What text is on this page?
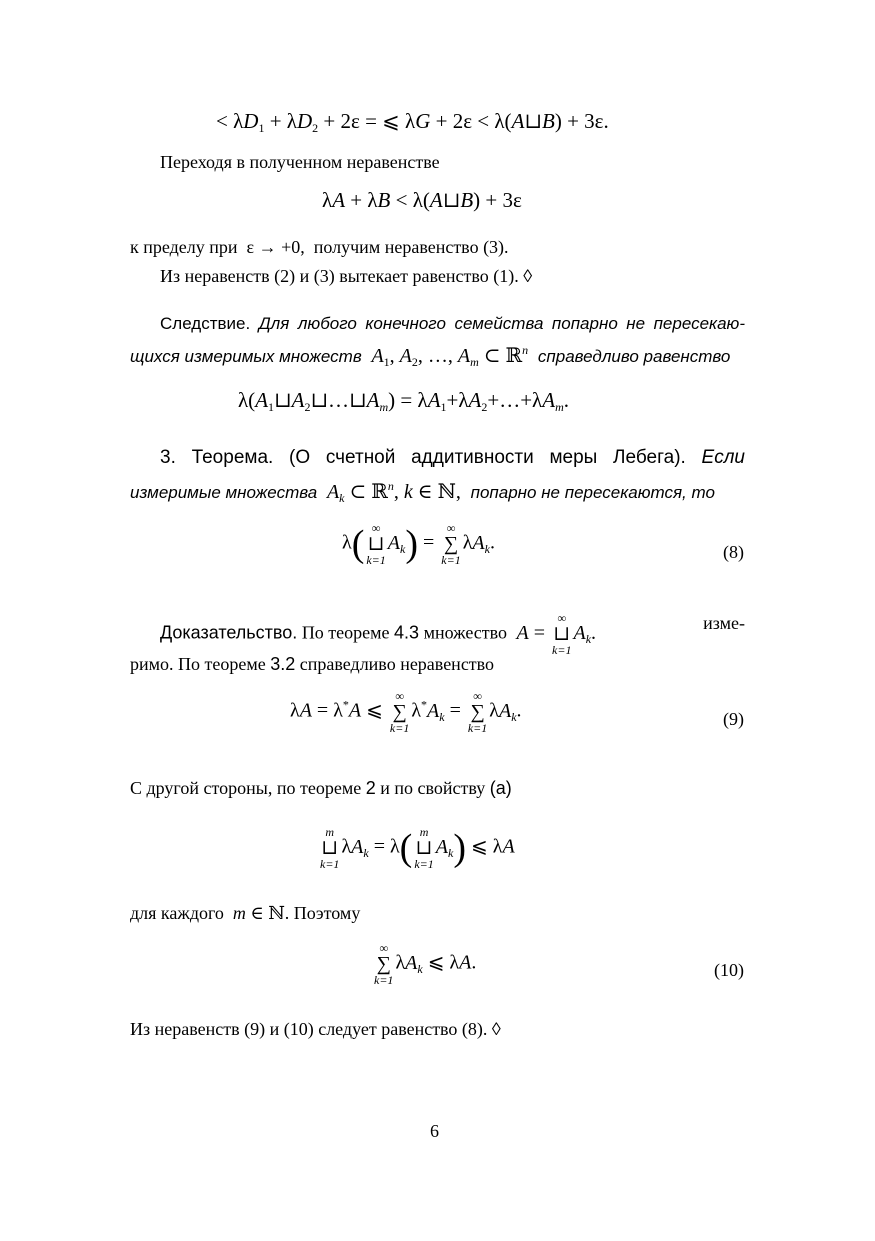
< $\lambda D_1 + \lambda D_2 + 2\varepsilon$ = ⩽ λG + 2ε < λ(A⊔B) + 3ε.
Переходя в полученном неравенстве
λA + λB < λ(A⊔B) + 3ε
к пределу при  ε → +0,  получим неравенство (3).
Из неравенств (2) и (3) вытекает равенство (1). ◊
Следствие. Для любого конечного семейства попарно не пересекаю-
щихся измеримых множеств $A_1$, $A_2$, …, $A_m$ ⊂ ℝ$^n$ справедливо равенство
$\lambda(A_1⊔A_2⊔\dots⊔A_m)$ = $\lambda A_1+\lambda A_2+\dots+\lambda A_m$.
3. Теорема. (О счетной аддитивности меры Лебега). Если
измеримые множества $A_k$ ⊂ ℝ$^n$, k ∈ ℕ,  попарно не пересекаются, то
λ( ∞
⊔
k=1
$A_k$) =
∞
∑
k=1
$\lambda A_k$.	(8)
Доказательство. По теореме 4.3 множество A =
∞
⊔
k=1
$A_k$.	изме-
римо. По теореме 3.2 справедливо неравенство
λA = λ*A ⩽
∞
∑
k=1
$\lambda^*A_k$ =
∞
∑
k=1
$\lambda A_k$.	(9)
С другой стороны, по теореме 2 и по свойству (a)
m
⊔
k=1
$\lambda A_k = \lambda$( m
⊔
k=1
$A_k$) ⩽ λA
для каждого m ∈ ℕ. Поэтому
∞
∑
k=1
$\lambda A_k$ ⩽ λA.	(10)
Из неравенств (9) и (10) следует равенство (8). ◊
6
